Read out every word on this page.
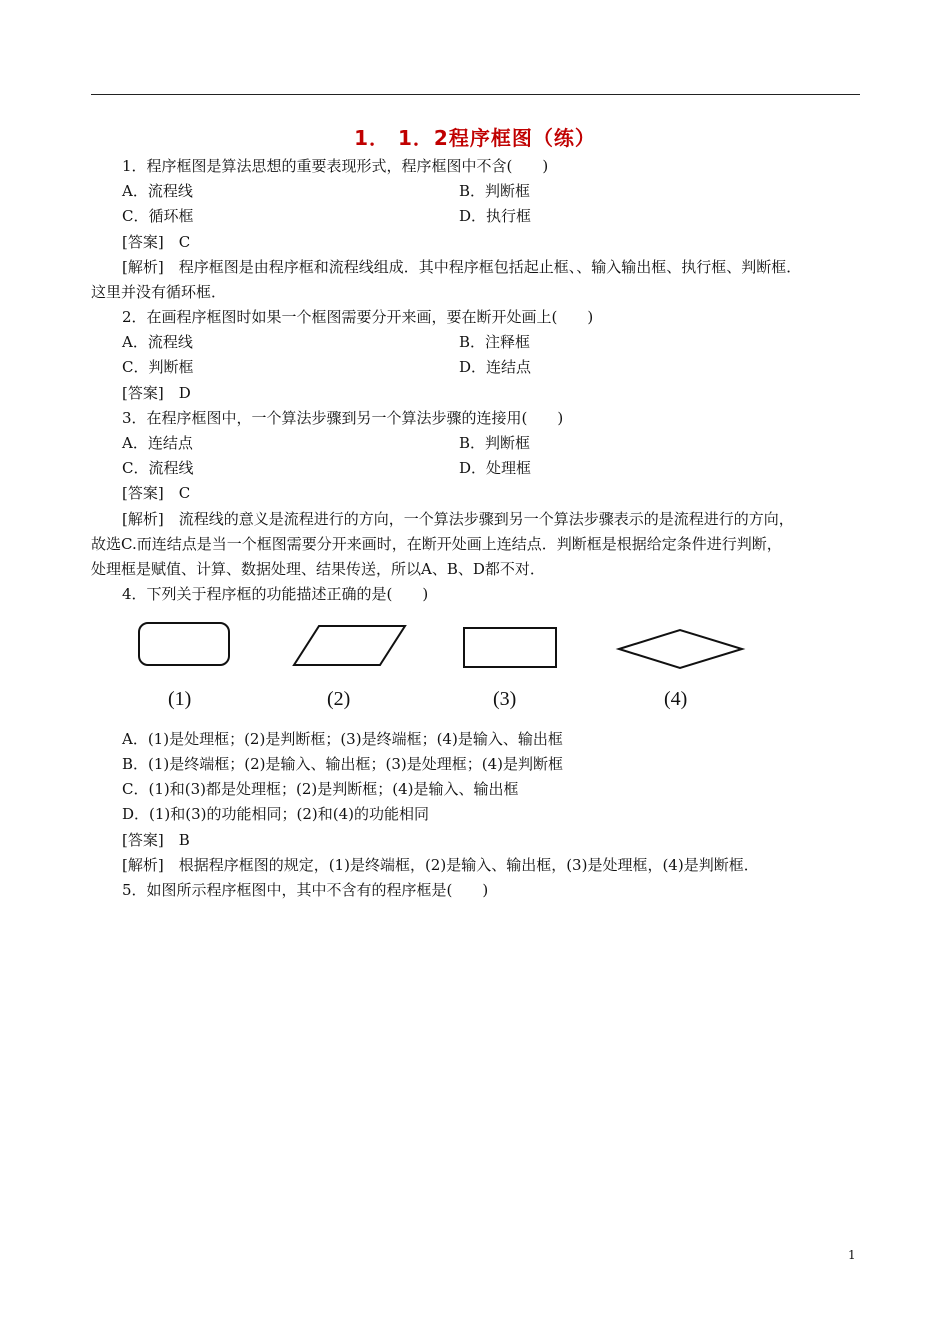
1． 1．2程序框图（练）
1．程序框图是算法思想的重要表现形式，程序框图中不含(　　)
A．流程线	B．判断框
C．循环框	D．执行框
[答案]　C
[解析]　程序框图是由程序框和流程线组成．其中程序框包括起止框、、输入输出框、执行框、判断框．
这里并没有循环框．
2．在画程序框图时如果一个框图需要分开来画，要在断开处画上(　　)
A．流程线	B．注释框
C．判断框	D．连结点
[答案]　D
3．在程序框图中，一个算法步骤到另一个算法步骤的连接用(　　)
A．连结点	B．判断框
C．流程线	D．处理框
[答案]　C
[解析]　流程线的意义是流程进行的方向，一个算法步骤到另一个算法步骤表示的是流程进行的方向，
故选C.而连结点是当一个框图需要分开来画时，在断开处画上连结点．判断框是根据给定条件进行判断，
处理框是赋值、计算、数据处理、结果传送，所以A、B、D都不对．
4．下列关于程序框的功能描述正确的是(　　)
(1)	(2)	(3)	(4)
A．(1)是处理框；(2)是判断框；(3)是终端框；(4)是输入、输出框
B．(1)是终端框；(2)是输入、输出框；(3)是处理框；(4)是判断框
C．(1)和(3)都是处理框；(2)是判断框；(4)是输入、输出框
D．(1)和(3)的功能相同；(2)和(4)的功能相同
[答案]　B
[解析]　根据程序框图的规定，(1)是终端框，(2)是输入、输出框，(3)是处理框，(4)是判断框．
5．如图所示程序框图中，其中不含有的程序框是(　　)
1
